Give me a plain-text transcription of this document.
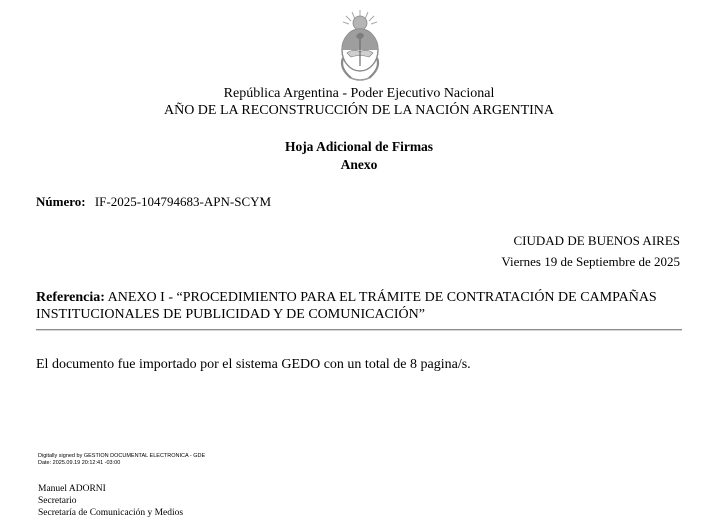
República Argentina - Poder Ejecutivo Nacional
AÑO DE LA RECONSTRUCCIÓN DE LA NACIÓN ARGENTINA
Hoja Adicional de Firmas
Anexo
Número: IF-2025-104794683-APN-SCYM
CIUDAD DE BUENOS AIRES
Viernes 19 de Septiembre de 2025
Referencia: ANEXO I - “PROCEDIMIENTO PARA EL TRÁMITE DE CONTRATACIÓN DE CAMPAÑAS INSTITUCIONALES DE PUBLICIDAD Y DE COMUNICACIÓN”
El documento fue importado por el sistema GEDO con un total de 8 pagina/s.
Digitally signed by GESTION DOCUMENTAL ELECTRONICA - GDE
Date: 2025.09.19 20:12:41 -03:00
Manuel ADORNI
Secretario
Secretaría de Comunicación y Medios
